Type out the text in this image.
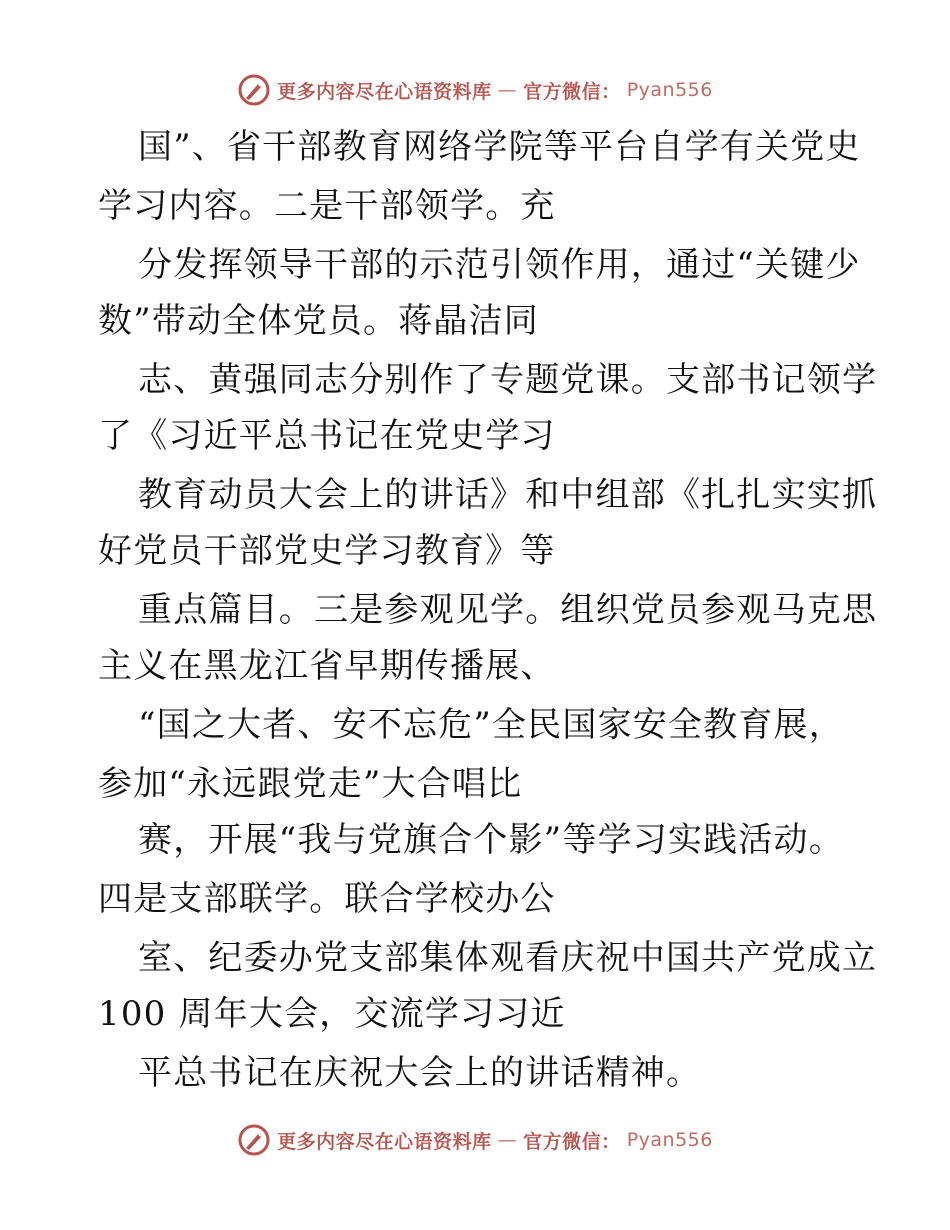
更多内容尽在心语资料库 — 官方微信： Pyan556
国”、省干部教育网络学院等平台自学有关党史
学习内容。二是干部领学。充
分发挥领导干部的示范引领作用，通过“关键少
数”带动全体党员。蒋晶洁同
志、黄强同志分别作了专题党课。支部书记领学
了《习近平总书记在党史学习
教育动员大会上的讲话》和中组部《扎扎实实抓
好党员干部党史学习教育》等
重点篇目。三是参观见学。组织党员参观马克思
主义在黑龙江省早期传播展、
“国之大者、安不忘危”全民国家安全教育展，
参加“永远跟党走”大合唱比
赛，开展“我与党旗合个影”等学习实践活动。
四是支部联学。联合学校办公
室、纪委办党支部集体观看庆祝中国共产党成立
100 周年大会，交流学习习近
平总书记在庆祝大会上的讲话精神。
更多内容尽在心语资料库 — 官方微信： Pyan556
